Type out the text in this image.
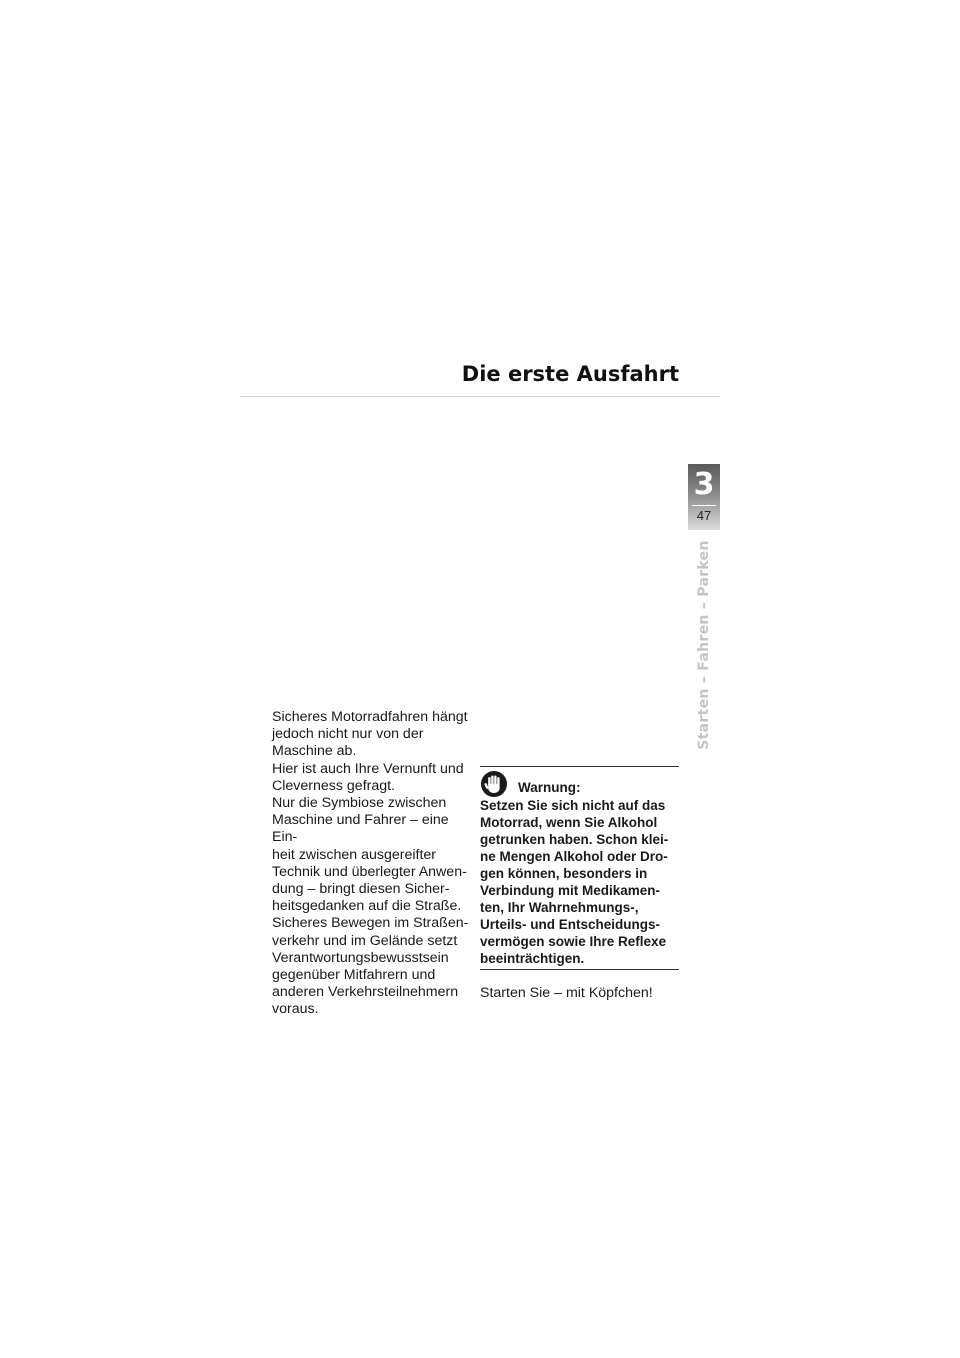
Die erste Ausfahrt
3
47
Starten – Fahren – Parken

Sicheres Motorradfahren hängt

jedoch nicht nur von der

Maschine ab.

Hier ist auch Ihre Vernunft und

Cleverness gefragt.

Nur die Symbiose zwischen

Maschine und Fahrer – eine Ein-

heit zwischen ausgereifter

Technik und überlegter Anwen-

dung – bringt diesen Sicher-

heitsgedanken auf die Straße.

Sicheres Bewegen im Straßen-

verkehr und im Gelände setzt

Verantwortungsbewusstsein

gegenüber Mitfahrern und

anderen Verkehrsteilnehmern

voraus.

Warnung:
Setzen Sie sich nicht auf das
Motorrad, wenn Sie Alkohol
getrunken haben. Schon klei-
ne Mengen Alkohol oder Dro-
gen können, besonders in
Verbindung mit Medikamen-
ten, Ihr Wahrnehmungs-,
Urteils- und Entscheidungs-
vermögen sowie Ihre Reflexe
beeinträchtigen.
Starten Sie – mit Köpfchen!
